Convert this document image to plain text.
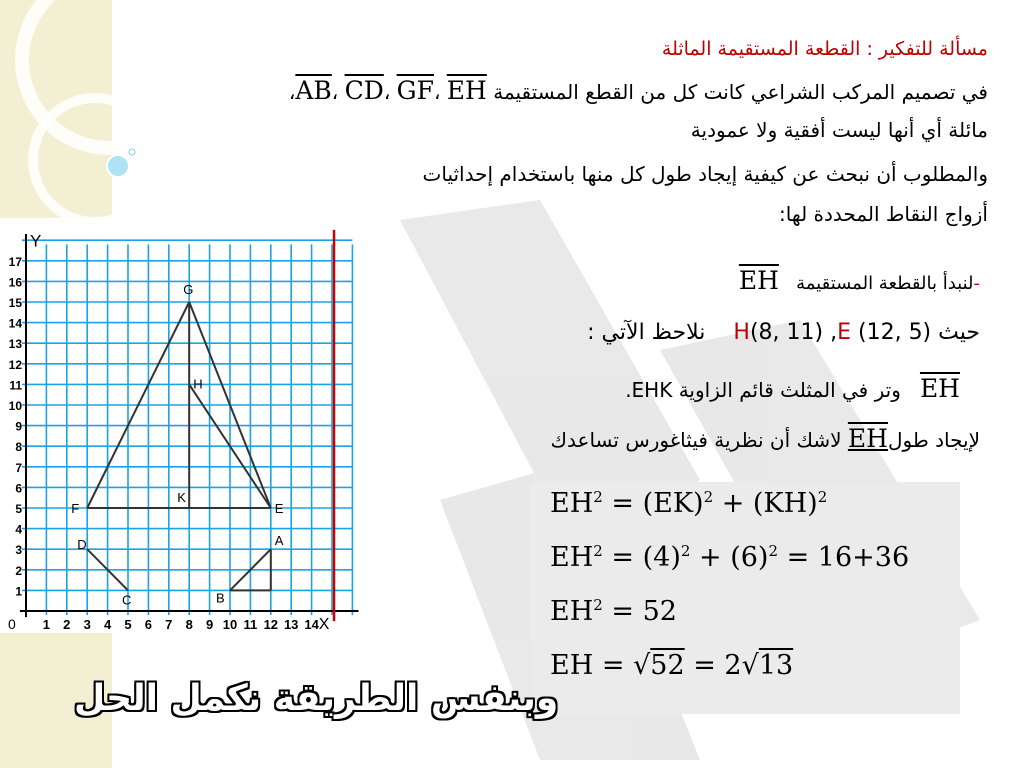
مسألة للتفكير : القطعة المستقيمة الماثلة
في تصميم المركب الشراعي كانت كل من القطع المستقيمة AB، CD، GF، EH،
مائلة أي أنها ليست أفقية ولا عمودية
والمطلوب أن نبحث عن كيفية إيجاد طول كل منها باستخدام إحداثيات
أزواج النقاط المحددة لها:
Y
X
0 1 2 3 4 5 6 7 8 9 10 11 12 13 14
1
2
3
4
5
6
7
8
9
10
11
12
13
14
15
16
17
G
H
F
K
E
D
C
A
B
-لنبدأ بالقطعة المستقيمة   EH
حيث E (12, 5), H(8, 11)    نلاحظ الآتي :
EH   وتر في المثلث قائم الزاوية EHK.
لإيجاد طولEH لاشك أن نظرية فيثاغورس تساعدك
$EH^2 = (EK)^2 + (KH)^2$
$EH^2 = (4)^2 + (6)^2 = 16+36$
$EH^2 = 52$
EH = √52 = 2√13
وبنفس الطريقة نكمل الحل
